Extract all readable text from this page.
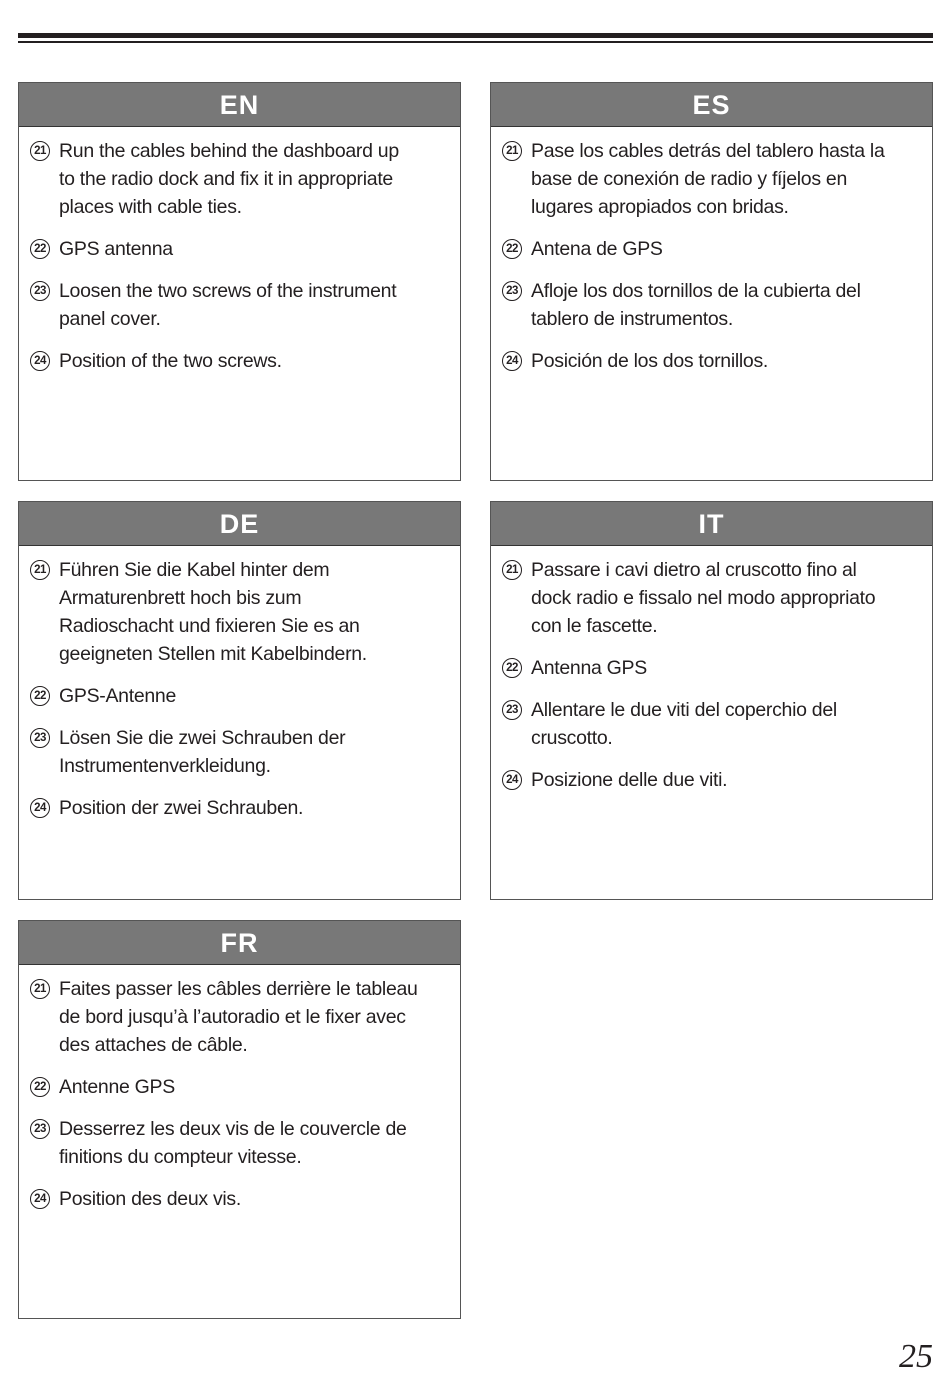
EN
21 Run the cables behind the dashboard up
to the radio dock and fix it in appropriate
places with cable ties.
22 GPS antenna
23 Loosen the two screws of the instrument
panel cover.
24 Position of the two screws.
ES
21 Pase los cables detrás del tablero hasta la
base de conexión de radio y fíjelos en
lugares apropiados con bridas.
22 Antena de GPS
23 Afloje los dos tornillos de la cubierta del
tablero de instrumentos.
24 Posición de los dos tornillos.
DE
21 Führen Sie die Kabel hinter dem
Armaturenbrett hoch bis zum
Radioschacht und fixieren Sie es an
geeigneten Stellen mit Kabelbindern.
22 GPS-Antenne
23 Lösen Sie die zwei Schrauben der
Instrumentenverkleidung.
24 Position der zwei Schrauben.
IT
21 Passare i cavi dietro al cruscotto fino al
dock radio e fissalo nel modo appropriato
con le fascette.
22 Antenna GPS
23 Allentare le due viti del coperchio del
cruscotto.
24 Posizione delle due viti.
FR
21 Faites passer les câbles derrière le tableau
de bord jusqu’à l’autoradio et le fixer avec
des attaches de câble.
22 Antenne GPS
23 Desserrez les deux vis de le couvercle de
finitions du compteur vitesse.
24 Position des deux vis.
25
